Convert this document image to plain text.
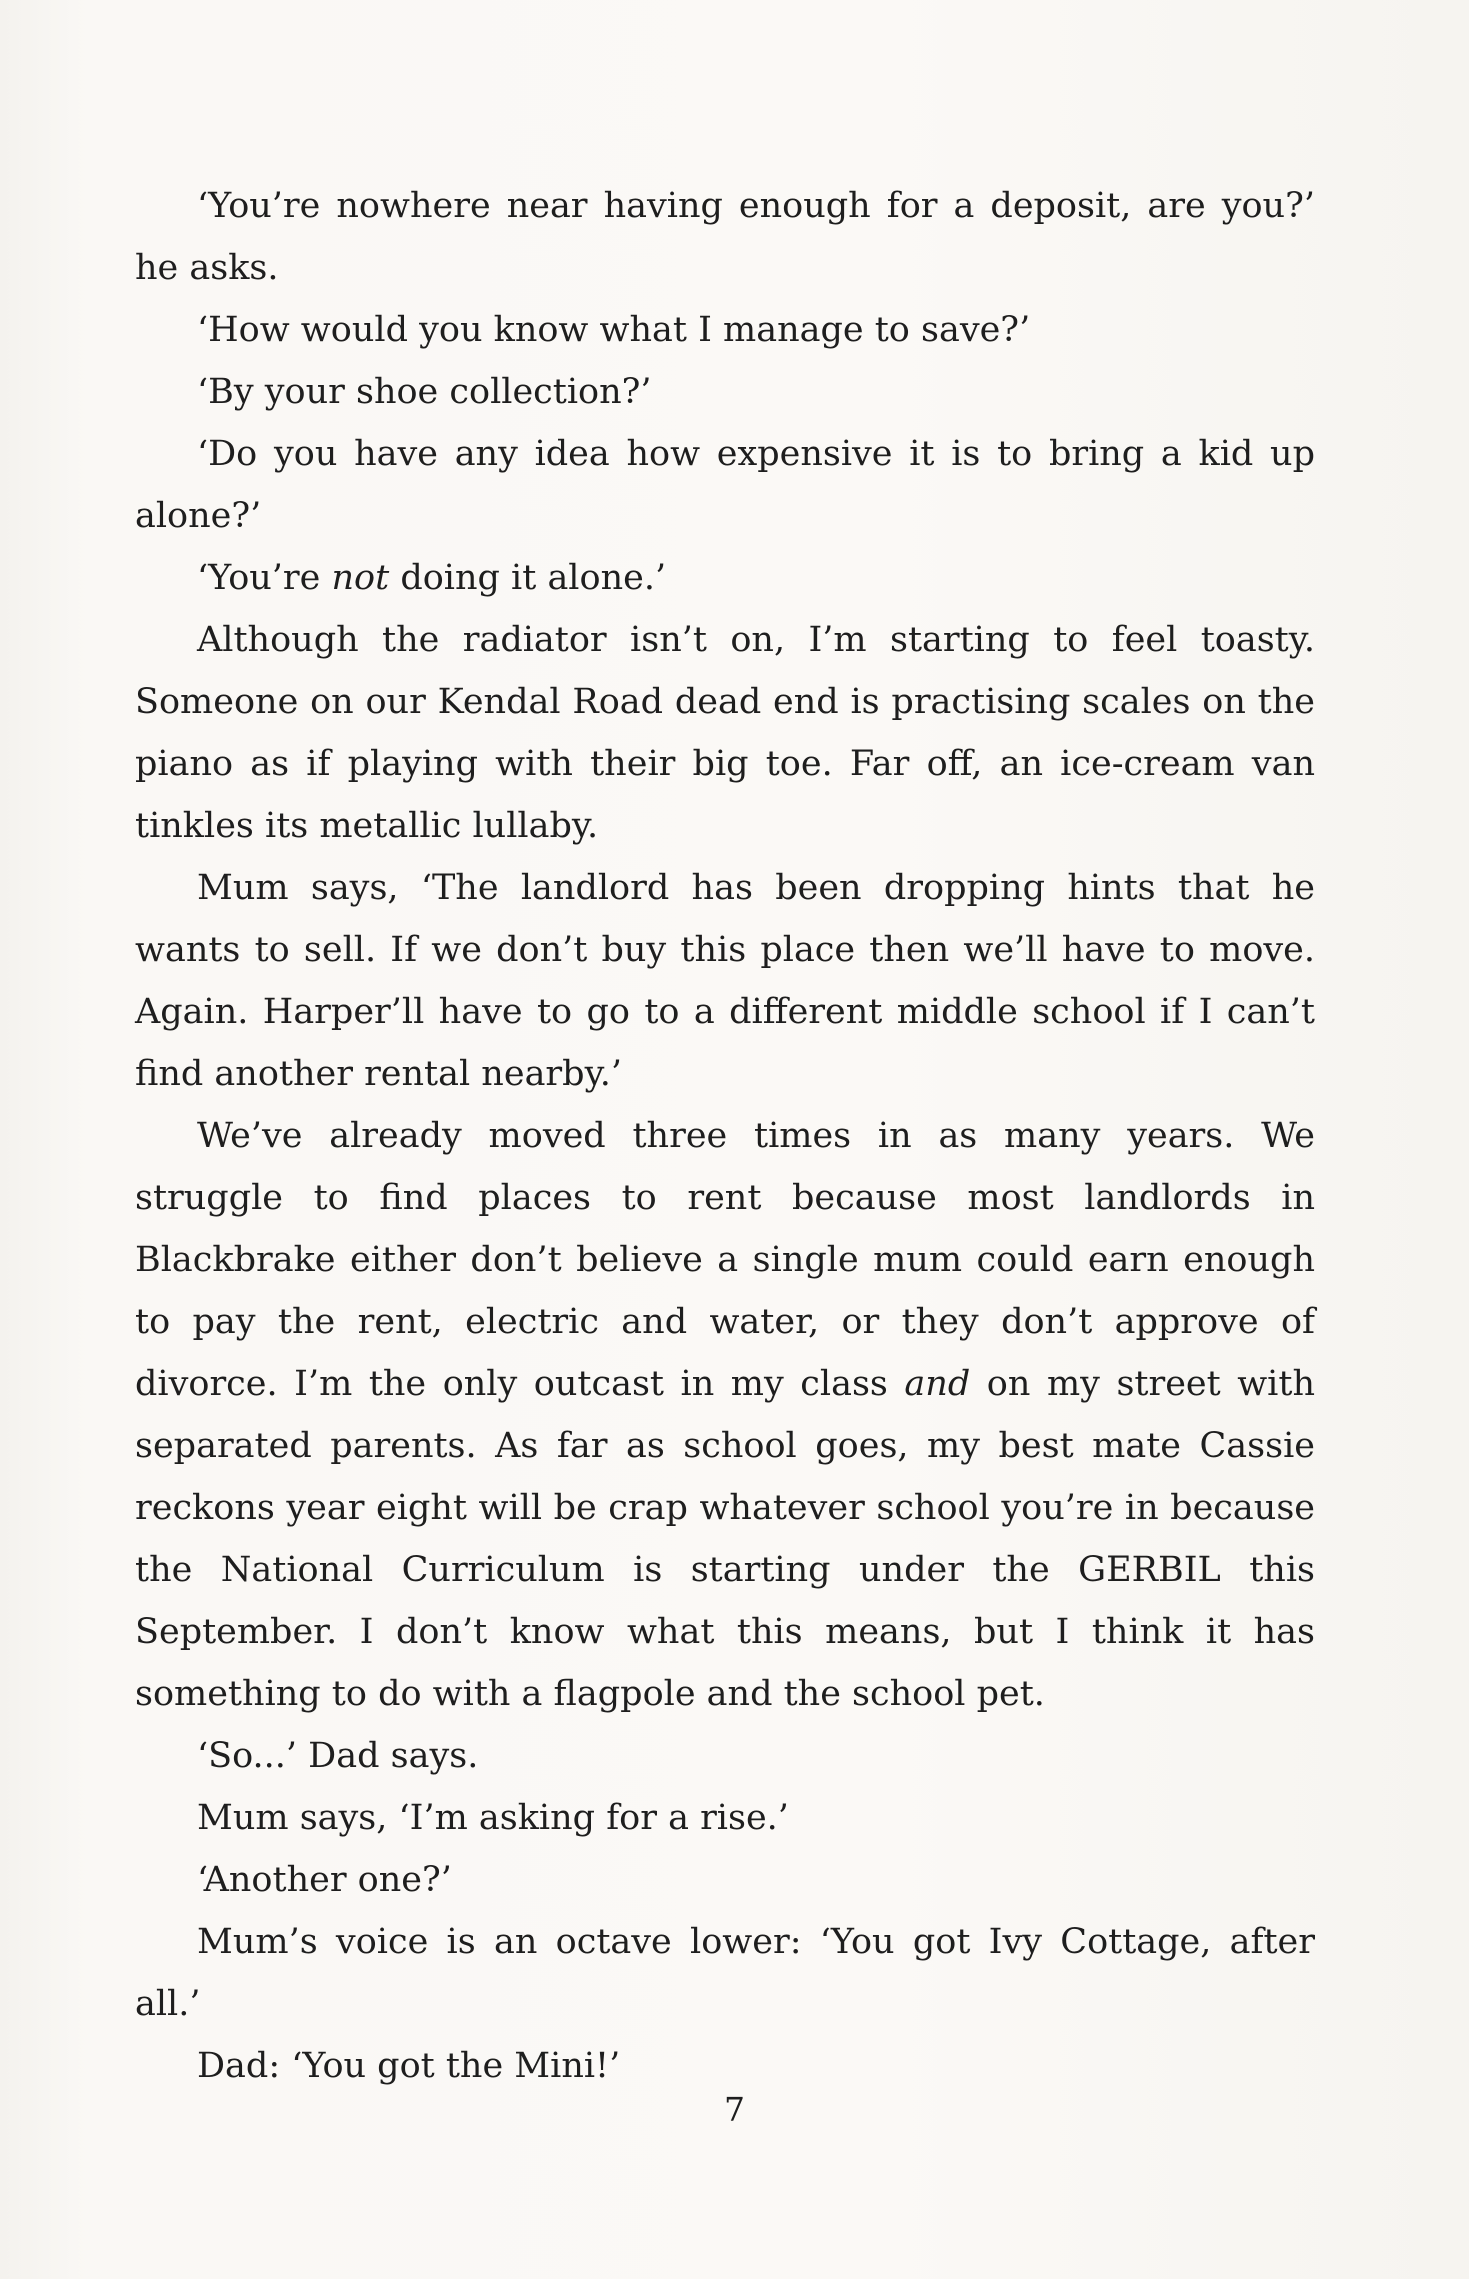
‘You’re nowhere near having enough for a deposit, are you?’ he asks.

‘How would you know what I manage to save?’

‘By your shoe collection?’

‘Do you have any idea how expensive it is to bring a kid up alone?’

‘You’re not doing it alone.’

Although the radiator isn’t on, I’m starting to feel toasty. Someone on our Kendal Road dead end is practising scales on the piano as if playing with their big toe. Far off, an ice-cream van tinkles its metallic lullaby.

Mum says, ‘The landlord has been dropping hints that he wants to sell. If we don’t buy this place then we’ll have to move. Again. Harper’ll have to go to a different middle school if I can’t find another rental nearby.’

We’ve already moved three times in as many years. We struggle to find places to rent because most landlords in Blackbrake either don’t believe a single mum could earn enough to pay the rent, electric and water, or they don’t approve of divorce. I’m the only outcast in my class and on my street with separated parents. As far as school goes, my best mate Cassie reckons year eight will be crap whatever school you’re in because the National Curriculum is starting under the GERBIL this September. I don’t know what this means, but I think it has something to do with a flagpole and the school pet.

‘So...’ Dad says.

Mum says, ‘I’m asking for a rise.’

‘Another one?’

Mum’s voice is an octave lower: ‘You got Ivy Cottage, after all.’

Dad: ‘You got the Mini!’

7
